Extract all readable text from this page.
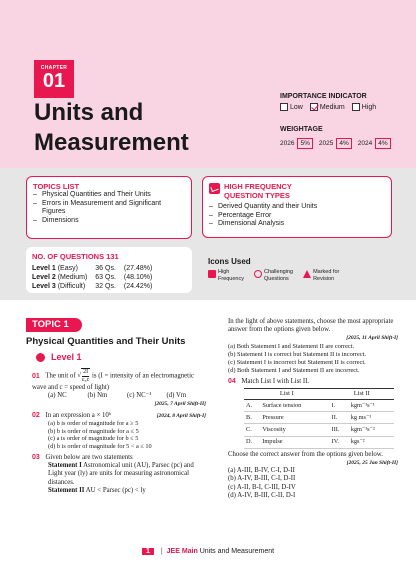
CHAPTER
01
Units and
Measurement
IMPORTANCE INDICATOR
Low Medium High
WEIGHTAGE
2026 5%	2025 4%	2024 4%
TOPICS LIST
– Physical Quantities and Their Units
– Errors in Measurement and Significant Figures
– Dimensions
HIGH FREQUENCY
QUESTION TYPES
– Derived Quantity and their Units
– Percentage Error
– Dimensional Analysis
NO. OF QUESTIONS 131
Level 1 (Easy)	36 Qs.	(27.48%)
Level 2 (Medium)	63 Qs.	(48.10%)
Level 3 (Difficult)	32 Qs.	(24.42%)
Icons Used
High
Frequency
Challenging
Questions
Marked for
Revision
TOPIC 1
Physical Quantities and Their Units
Level 1
01 The unit of √ $\frac{2I}{\text{ε₀c}}$ is (I = intensity of an electromagnetic wave and c = speed of light)
(a) NC	(b) Nm	(c) NC⁻¹	(d) Vm
[2025, 7 April Shift-II]
02 In an expression a × 10ᵇ	[2024, 8 April Shift-I]
(a) b is order of magnitude for a ≥ 5
(b) b is order of magnitude for a ≤ 5
(c) a is order of magnitude for b ≤ 5
(d) b is order of magnitude for 5 < a ≤ 10
03 Given below are two statements
Statement I Astronomical unit (AU), Parsec (pc) and Light year (ly) are units for measuring astronomical distances.
Statement II AU < Parsec (pc) < ly
In the light of above statements, choose the most appropriate answer from the options given below.
[2025, 11 April Shift-I]
(a) Both Statement I and Statement II are correct.
(b) Statement I is correct but Statement II is incorrect.
(c) Statement I is incorrect but Statement II is correct.
(d) Both Statement I and Statement II are incorrect.
04 Match List I with List II.
List I		List II	
A.	Surface tension	I.	kgm⁻¹s⁻¹
B.	Pressure	II.	kg ms⁻¹
C.	Viscosity	III.	kgm⁻¹s⁻²
D.	Impulse	IV.	kgs⁻²
Choose the correct answer from the options given below.
[2025, 25 Jan Shift-II]
(a) A-III, B-IV, C-I, D-II
(b) A-IV, B-III, C-I, D-II
(c) A-II, B-I, C-III, D-IV
(d) A-IV, B-III, C-II, D-I
1 | JEE Main Units and Measurement
